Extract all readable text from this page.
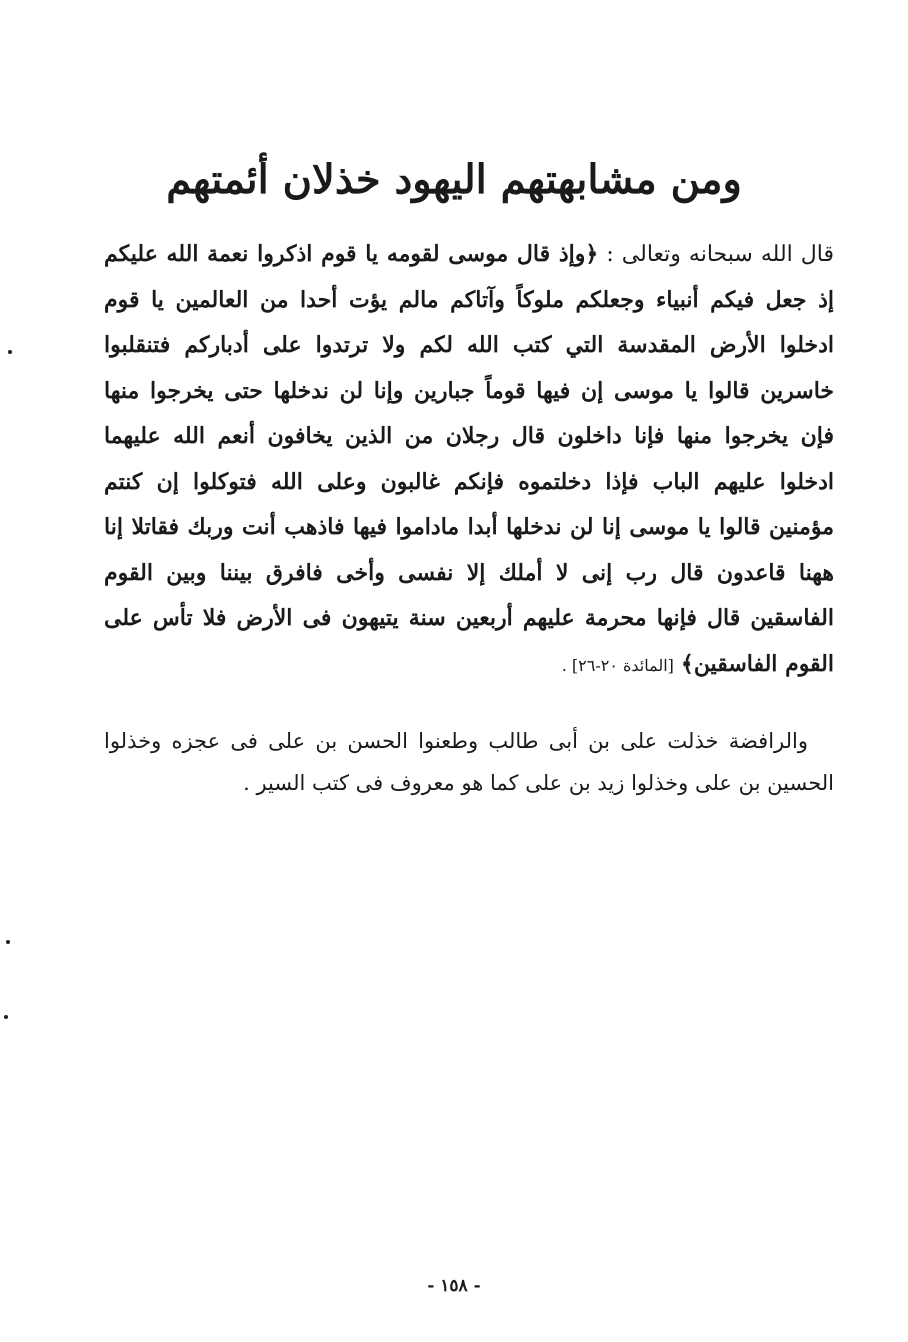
ومن مشابهتهم اليهود خذلان أئمتهم

قال الله سبحانه وتعالى : ﴿وإذ قال موسى لقومه يا قوم اذكروا نعمة الله عليكم إذ جعل فيكم أنبياء وجعلكم ملوكاً وآتاكم مالم يؤت أحدا من العالمين يا قوم ادخلوا الأرض المقدسة التي كتب الله لكم ولا ترتدوا على أدباركم فتنقلبوا خاسرين قالوا يا موسى إن فيها قوماً جبارين وإنا لن ندخلها حتى يخرجوا منها فإن يخرجوا منها فإنا داخلون قال رجلان من الذين يخافون أنعم الله عليهما ادخلوا عليهم الباب فإذا دخلتموه فإنكم غالبون وعلى الله فتوكلوا إن كنتم مؤمنين قالوا يا موسى إنا لن ندخلها أبدا ماداموا فيها فاذهب أنت وربك فقاتلا إنا ههنا قاعدون قال رب إنى لا أملك إلا نفسى وأخى فافرق بيننا وبين القوم الفاسقين قال فإنها محرمة عليهم أربعين سنة يتيهون فى الأرض فلا تأس على القوم الفاسقين﴾ [المائدة ٢٠-٢٦] .

والرافضة خذلت على بن أبى طالب وطعنوا الحسن بن على فى عجزه وخذلوا الحسين بن على وخذلوا زيد بن على كما هو معروف فى كتب السير .

- ١٥٨ -
